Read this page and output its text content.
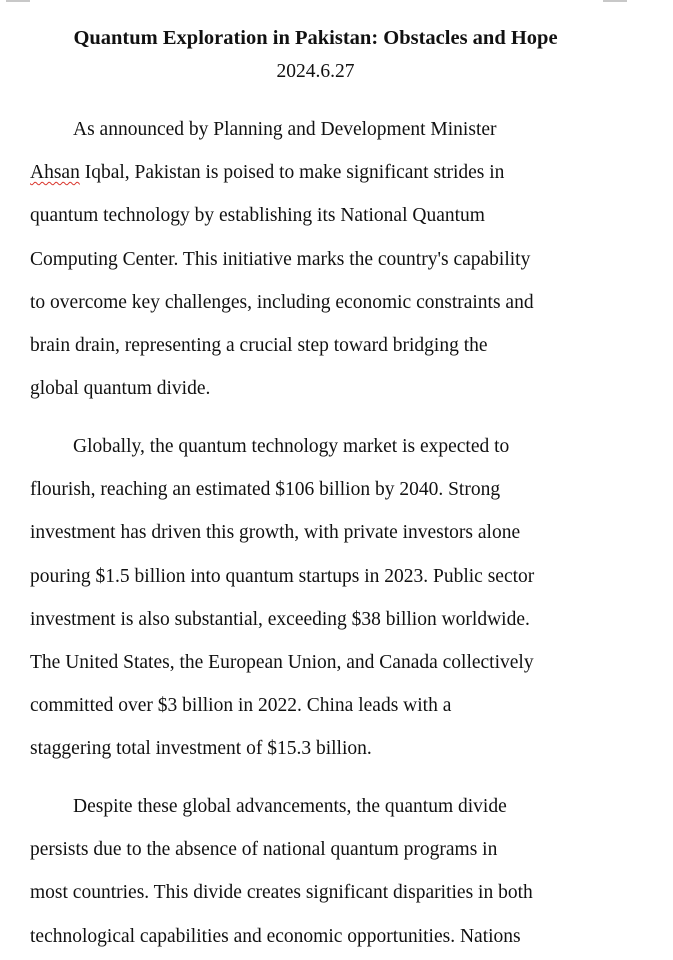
Quantum Exploration in Pakistan: Obstacles and Hope
2024.6.27

As announced by Planning and Development Minister
Ahsan Iqbal, Pakistan is poised to make significant strides in
quantum technology by establishing its National Quantum
Computing Center. This initiative marks the country's capability
to overcome key challenges, including economic constraints and
brain drain, representing a crucial step toward bridging the
global quantum divide.

Globally, the quantum technology market is expected to
flourish, reaching an estimated $106 billion by 2040. Strong
investment has driven this growth, with private investors alone
pouring $1.5 billion into quantum startups in 2023. Public sector
investment is also substantial, exceeding $38 billion worldwide.
The United States, the European Union, and Canada collectively
committed over $3 billion in 2022. China leads with a
staggering total investment of $15.3 billion.

Despite these global advancements, the quantum divide
persists due to the absence of national quantum programs in
most countries. This divide creates significant disparities in both
technological capabilities and economic opportunities. Nations
